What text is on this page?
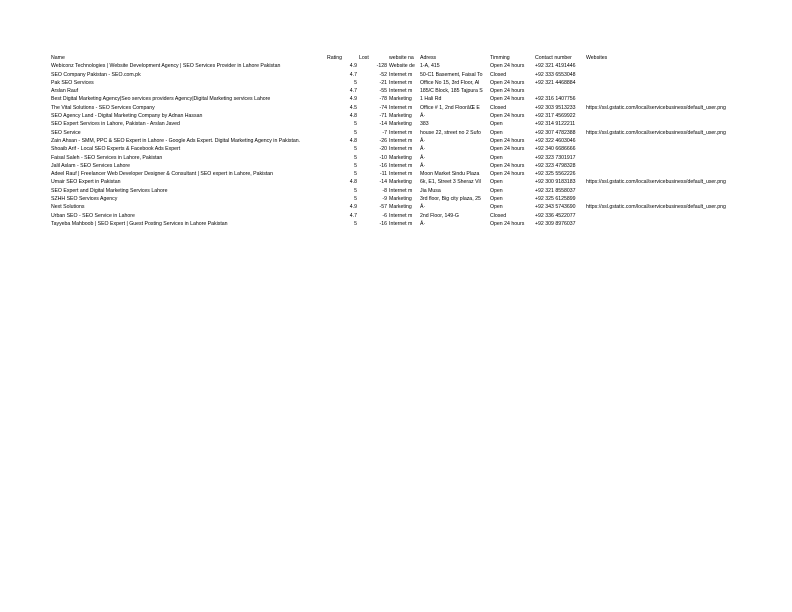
Name	Rating	Lost	website na	Adress	Timming	Contact number	Websites
Webiconz Technologies | Website Development Agency | SEO Services Provider in Lahore Pakistan	4.9	-128	Website de	1-A, 415	Open 24 hours	+92 321 4191446	
SEO Company Pakistan - SEO.com.pk	4.7	-52	Internet m	50-C1 Basement, Faisal To	Closed	+92 333 6553048	
Pak SEO Services	5	-21	Internet m	Office No 15, 3rd Floor, Al	Open 24 hours	+92 321 4468884	
Arslan Rauf	4.7	-55	Internet m	185/C Block, 185 Tajpura S	Open 24 hours		
Best Digital Marketing Agency|Seo services providers Agency|Digital Marketing services Lahore	4.9	-78	Marketing	1 Hali Rd	Open 24 hours	+92 316 1407756	
The Vital Solutions - SEO Services Company	4.5	-74	Internet m	Office # 1, 2nd FloorâŒ E	Closed	+92 303 9513233	https://ssl.gstatic.com/local/servicebusiness/default_user.png
SEO Agency Land - Digital Marketing Company by Adnan Hassan	4.8	-71	Marketing	Â·	Open 24 hours	+92 317 4569922	
SEO Expert Services in Lahore, Pakistan - Arslan Javed	5	-14	Marketing	383	Open	+92 314 9122211	
SEO Service	5	-7	Internet m	house 22, street no 2 Sufo	Open	+92 307 4782388	https://ssl.gstatic.com/local/servicebusiness/default_user.png
Zain Ahsan - SMM, PPC & SEO Expert in Lahore - Google Ads Expert. Digital Marketing Agency in Pakistan.	4.8	-26	Internet m	Â·	Open 24 hours	+92 322 4603046	
Shoaib Arif - Local SEO Experts & Facebook Ads Expert	5	-20	Internet m	Â·	Open 24 hours	+92 340 6686666	
Faisal Saleh - SEO Services in Lahore, Pakistan	5	-10	Marketing	Â·	Open	+92 323 7301917	
Jalil Aslam - SEO Services Lahore	5	-16	Internet m	Â·	Open 24 hours	+92 323 4798328	
Adeel Rauf | Freelancer Web Developer Designer & Consultant | SEO expert in Lahore, Pakistan	5	-11	Internet m	Moon Market Sindu Plaza	Open 24 hours	+92 325 5562226	
Umair SEO Expert in Pakistan	4.8	-14	Marketing	6k, E1, Street 3 Sheraz Vil	Open	+92 300 9183183	https://ssl.gstatic.com/local/servicebusiness/default_user.png
SEO Expert and Digital Marketing Services Lahore	5	-8	Internet m	Jia Musa	Open	+92 321 8558037	
SZHH SEO Services Agency	5	-9	Marketing	3rd floor, Big city plaza, 25	Open	+92 325 6125899	
Next Solutions	4.9	-57	Marketing	Â·	Open	+92 343 5743690	https://ssl.gstatic.com/local/servicebusiness/default_user.png
Urban SEO - SEO Service in Lahore	4.7	-6	Internet m	2nd Floor, 149-G	Closed	+92 336 4522077	
Tayyeba Mahboob | SEO Expert | Guest Posting Services in Lahore Pakistan	5	-16	Internet m	Â·	Open 24 hours	+92 309 8976037	
